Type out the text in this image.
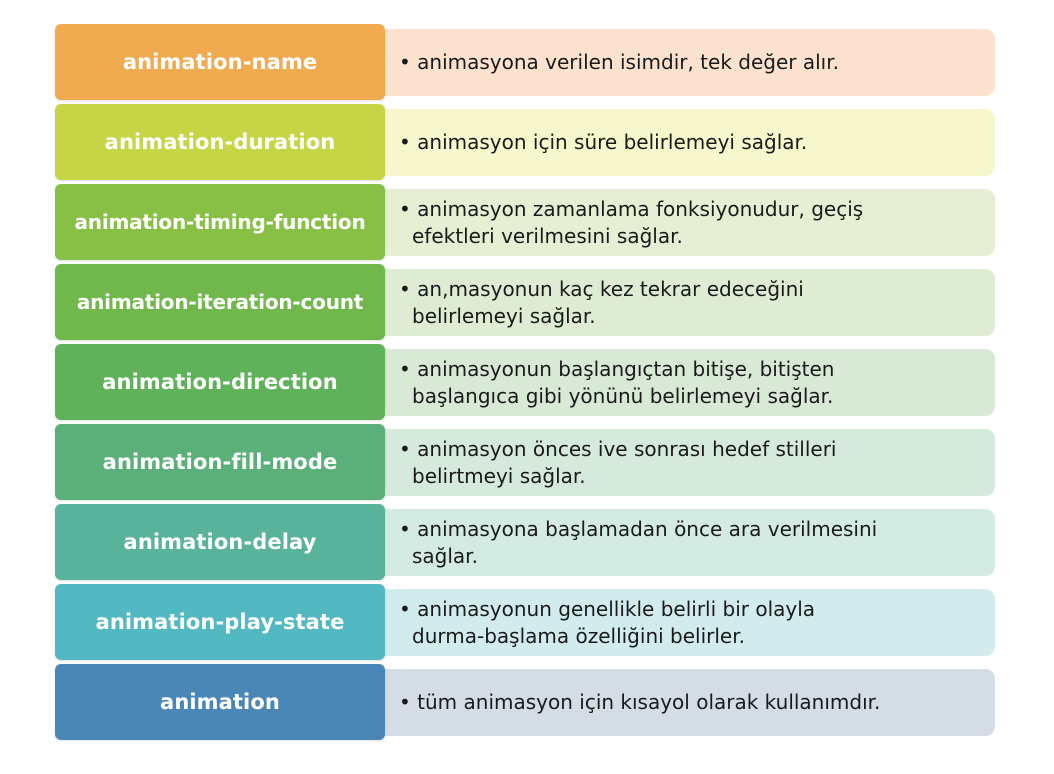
• animasyona verilen isimdir, tek değer alır.
animation-name
• animasyon için süre belirlemeyi sağlar.
animation-duration
• animasyon zamanlama fonksiyonudur, geçiş
efektleri verilmesini sağlar.
animation-timing-function
• an,masyonun kaç kez tekrar edeceğini
belirlemeyi sağlar.
animation-iteration-count
• animasyonun başlangıçtan bitişe, bitişten
başlangıca gibi yönünü belirlemeyi sağlar.
animation-direction
• animasyon önces ive sonrası hedef stilleri
belirtmeyi sağlar.
animation-fill-mode
• animasyona başlamadan önce ara verilmesini
sağlar.
animation-delay
• animasyonun genellikle belirli bir olayla
durma-başlama özelliğini belirler.
animation-play-state
• tüm animasyon için kısayol olarak kullanımdır.
animation
